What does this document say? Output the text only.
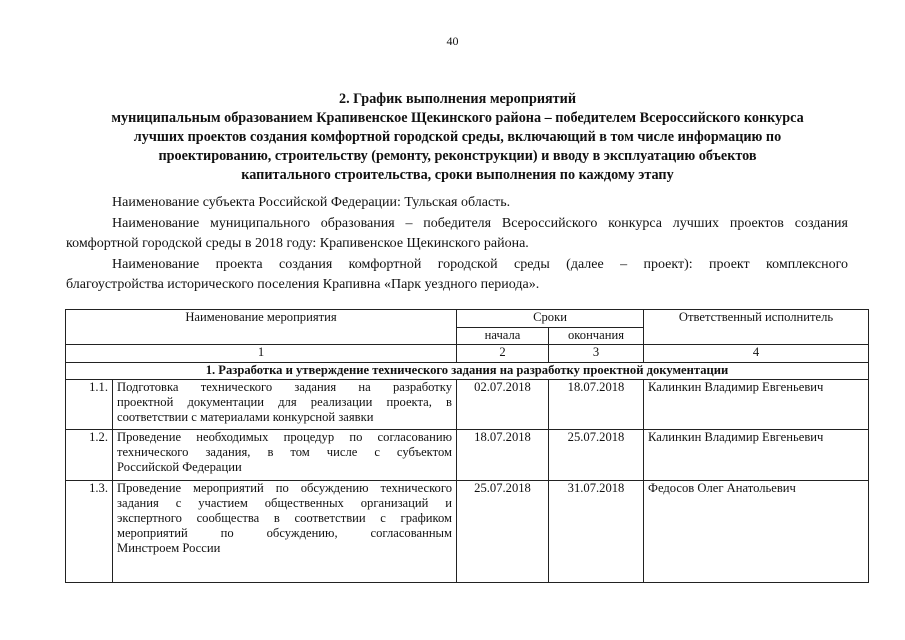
40
2. График выполнения мероприятий
муниципальным образованием Крапивенское Щекинского района – победителем Всероссийского конкурса
лучших проектов создания комфортной городской среды, включающий в том числе информацию по
проектированию, строительству (ремонту, реконструкции) и вводу в эксплуатацию объектов
капитального строительства, сроки выполнения по каждому этапу
Наименование субъекта Российской Федерации: Тульская область.
Наименование муниципального образования – победителя Всероссийского конкурса лучших проектов создания
комфортной городской среды в 2018 году: Крапивенское Щекинского района.
Наименование проекта создания комфортной городской среды (далее – проект): проект комплексного
благоустройства исторического поселения Крапивна «Парк уездного периода».
Наименование мероприятия		Сроки		Ответственный исполнитель
		начала	окончания	
1		2	3	4
1. Разработка и утверждение технического задания на разработку проектной документации				
1.1.	Подготовка технического задания на разработку
проектной документации для реализации проекта, в
соответствии с материалами конкурсной заявки	02.07.2018	18.07.2018	Калинкин Владимир Евгеньевич
1.2.	Проведение необходимых процедур по согласованию
технического задания, в том числе с субъектом
Российской Федерации	18.07.2018	25.07.2018	Калинкин Владимир Евгеньевич
1.3.	Проведение мероприятий по обсуждению технического
задания с участием общественных организаций и
экспертного сообщества в соответствии с графиком
мероприятий по обсуждению, согласованным
Минстроем России	25.07.2018	31.07.2018	Федосов Олег Анатольевич
